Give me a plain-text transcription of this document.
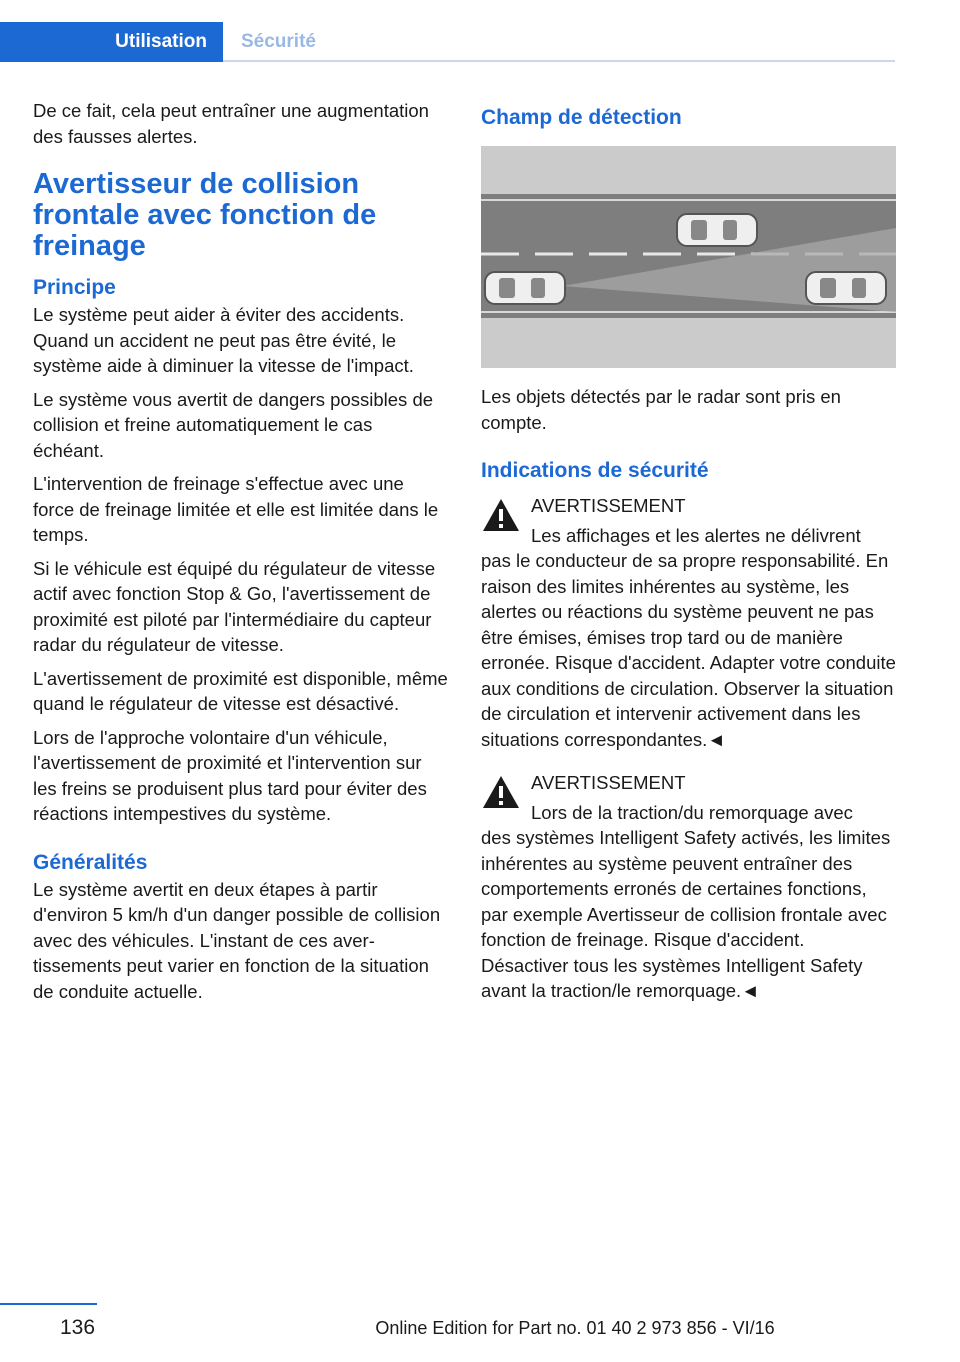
Utilisation Sécurité

De ce fait, cela peut entraîner une augmentation des fausses alertes.

Avertisseur de collision frontale avec fonction de freinage
Principe

Le système peut aider à éviter des accidents. Quand un accident ne peut pas être évité, le système aide à diminuer la vitesse de l'impact.

Le système vous avertit de dangers possibles de collision et freine automatiquement le cas échéant.

L'intervention de freinage s'effectue avec une force de freinage limitée et elle est limitée dans le temps.

Si le véhicule est équipé du régulateur de vitesse actif avec fonction Stop & Go, l'avertissement de proximité est piloté par l'intermédiaire du capteur radar du régulateur de vitesse.

L'avertissement de proximité est disponible, même quand le régulateur de vitesse est désactivé.

Lors de l'approche volontaire d'un véhicule, l'avertissement de proximité et l'intervention sur les freins se produisent plus tard pour éviter des réactions intempestives du système.

Généralités

Le système avertit en deux étapes à partir d'environ 5 km/h d'un danger possible de collision avec des véhicules. L'instant de ces avertissements peut varier en fonction de la situation de conduite actuelle.

Champ de détection

Les objets détectés par le radar sont pris en compte.

Indications de sécurité

AVERTISSEMENT

Les affichages et les alertes ne délivrent

pas le conducteur de sa propre responsabilité. En raison des limites inhérentes au système, les alertes ou réactions du système peuvent ne pas être émises, émises trop tard ou de manière erronée. Risque d'accident. Adapter votre conduite aux conditions de circulation. Observer la situation de circulation et intervenir activement dans les situations correspondantes.◄

AVERTISSEMENT

Lors de la traction/du remorquage avec

des systèmes Intelligent Safety activés, les limites inhérentes au système peuvent entraîner des comportements erronés de certaines fonctions, par exemple Avertisseur de collision frontale avec fonction de freinage. Risque d'accident. Désactiver tous les systèmes Intelligent Safety avant la traction/le remorquage.◄

136	Online Edition for Part no. 01 40 2 973 856 - VI/16
